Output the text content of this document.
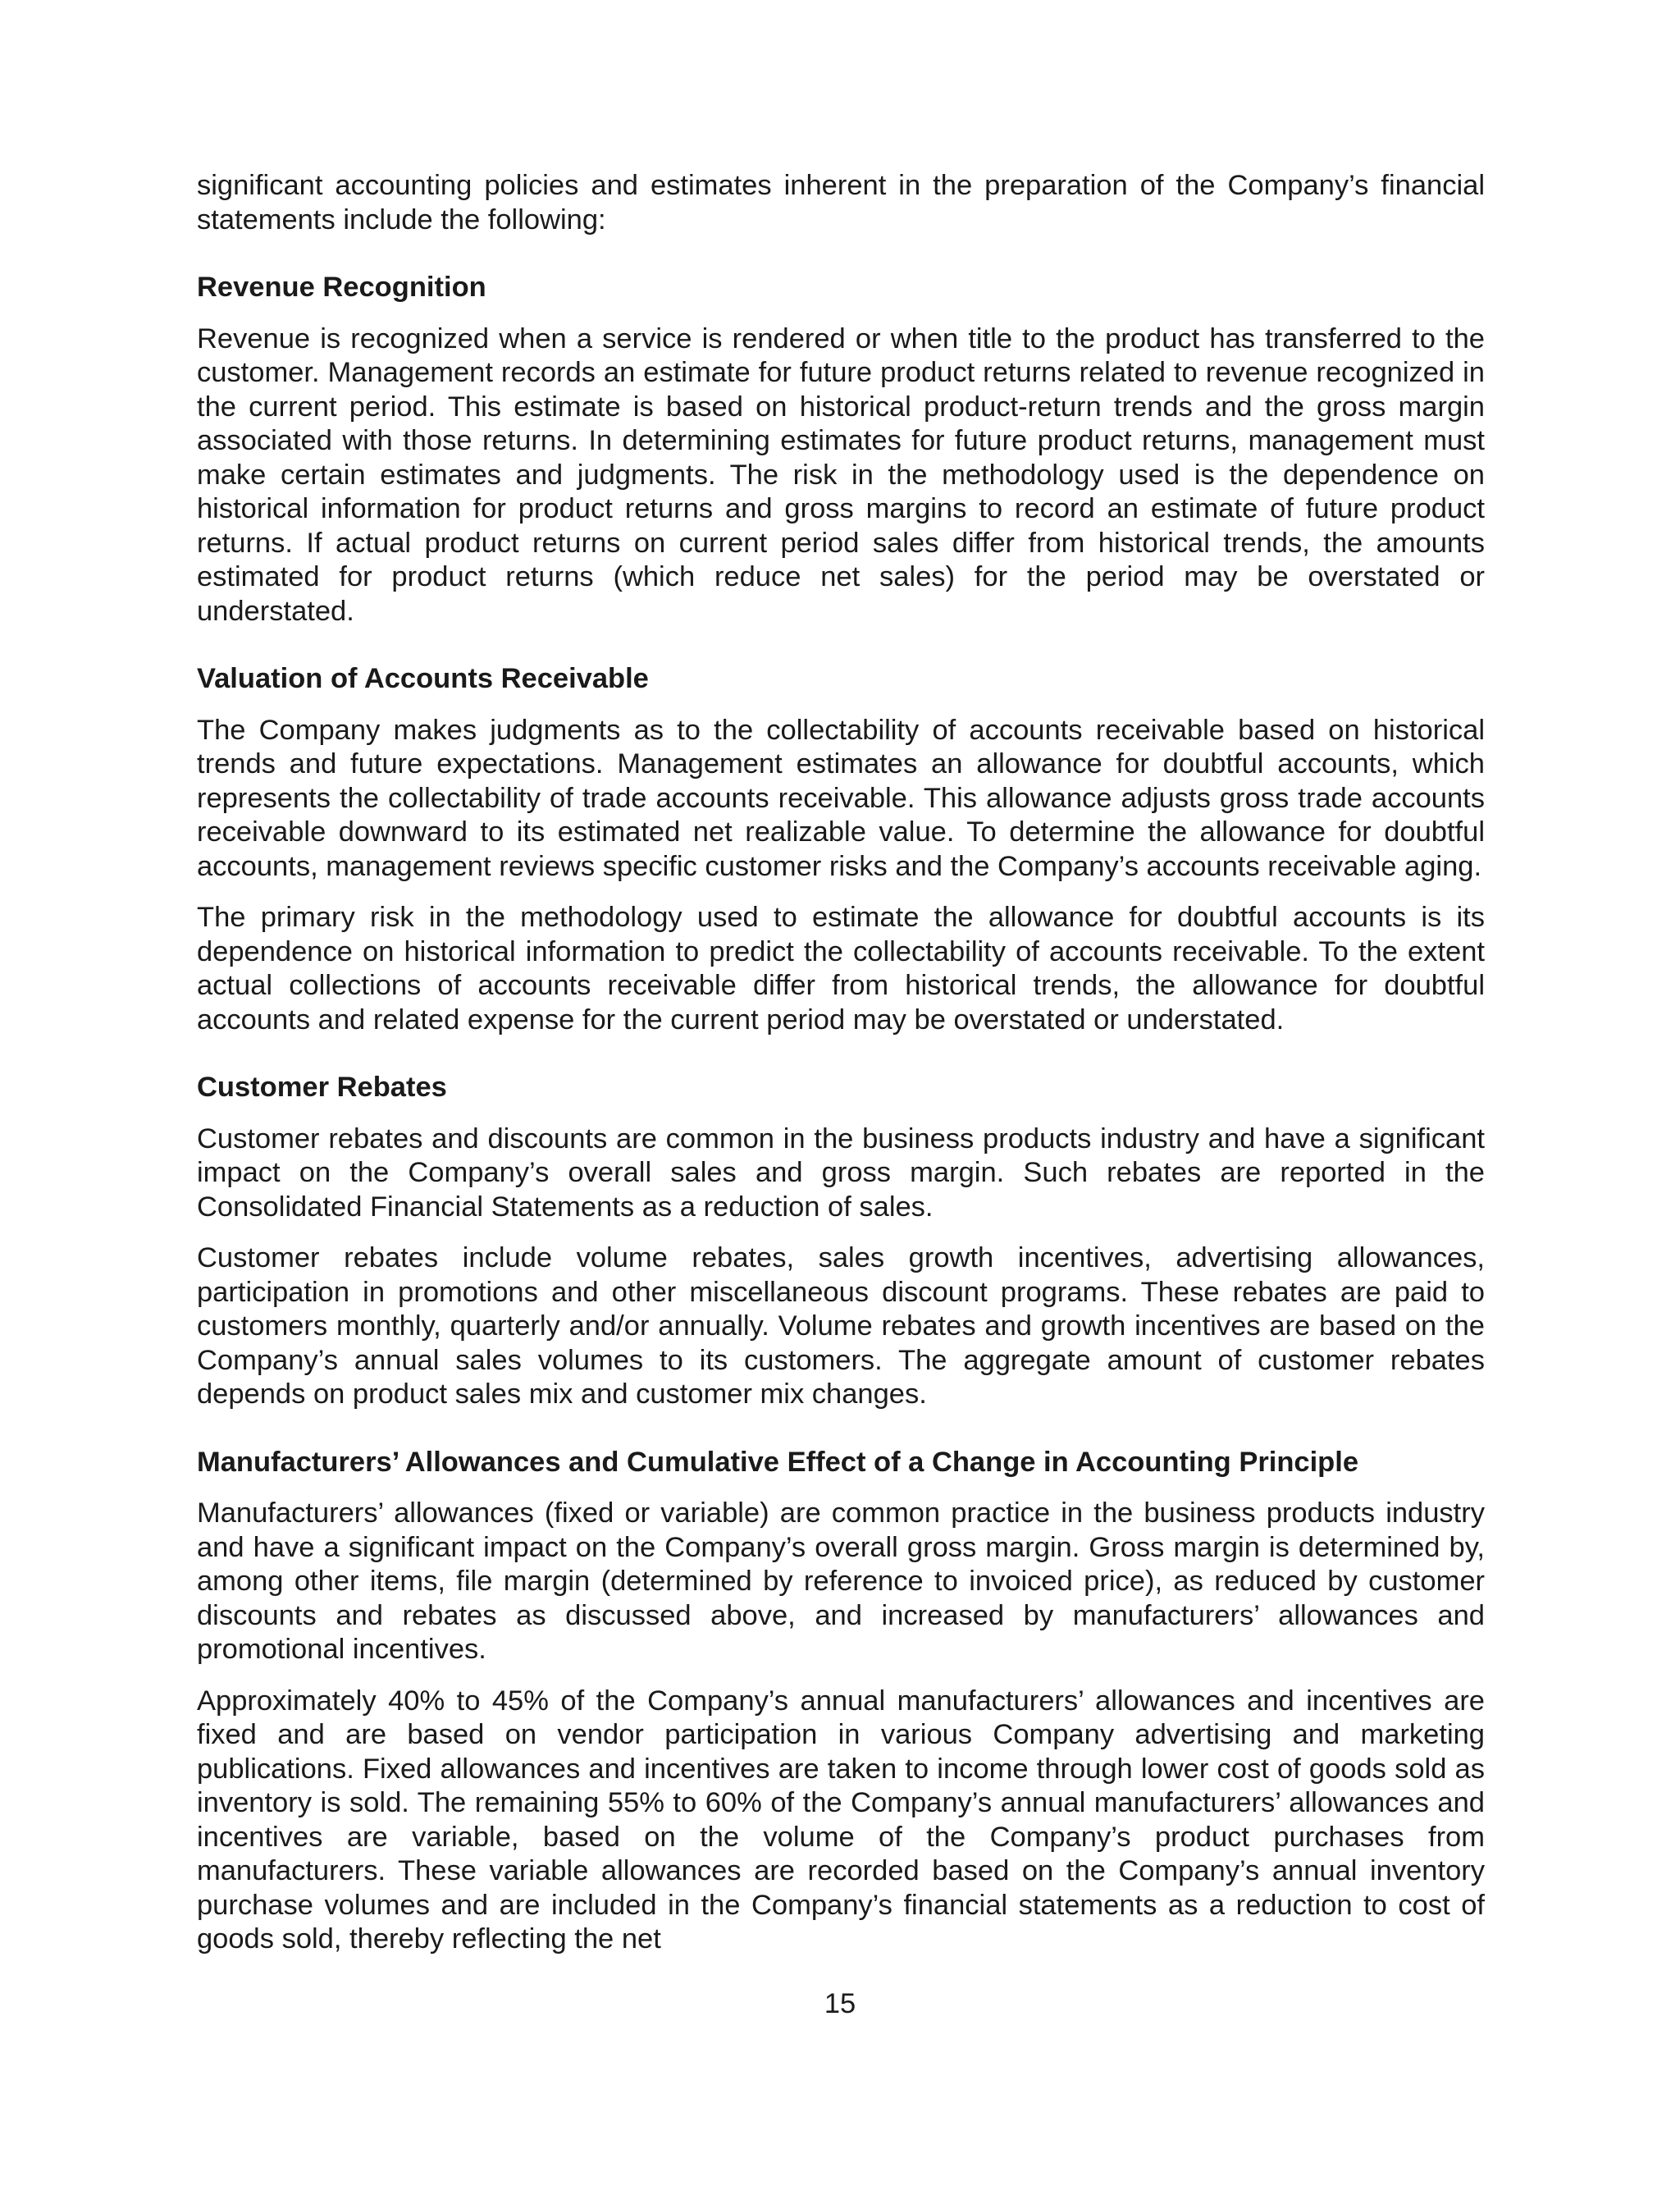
significant accounting policies and estimates inherent in the preparation of the Company’s financial statements include the following:

Revenue Recognition

Revenue is recognized when a service is rendered or when title to the product has transferred to the customer. Management records an estimate for future product returns related to revenue recognized in the current period. This estimate is based on historical product-return trends and the gross margin associated with those returns. In determining estimates for future product returns, management must make certain estimates and judgments. The risk in the methodology used is the dependence on historical information for product returns and gross margins to record an estimate of future product returns. If actual product returns on current period sales differ from historical trends, the amounts estimated for product returns (which reduce net sales) for the period may be overstated or understated.

Valuation of Accounts Receivable

The Company makes judgments as to the collectability of accounts receivable based on historical trends and future expectations. Management estimates an allowance for doubtful accounts, which represents the collectability of trade accounts receivable. This allowance adjusts gross trade accounts receivable downward to its estimated net realizable value. To determine the allowance for doubtful accounts, management reviews specific customer risks and the Company’s accounts receivable aging.

The primary risk in the methodology used to estimate the allowance for doubtful accounts is its dependence on historical information to predict the collectability of accounts receivable. To the extent actual collections of accounts receivable differ from historical trends, the allowance for doubtful accounts and related expense for the current period may be overstated or understated.

Customer Rebates

Customer rebates and discounts are common in the business products industry and have a significant impact on the Company’s overall sales and gross margin. Such rebates are reported in the Consolidated Financial Statements as a reduction of sales.

Customer rebates include volume rebates, sales growth incentives, advertising allowances, participation in promotions and other miscellaneous discount programs. These rebates are paid to customers monthly, quarterly and/or annually. Volume rebates and growth incentives are based on the Company’s annual sales volumes to its customers. The aggregate amount of customer rebates depends on product sales mix and customer mix changes.

Manufacturers’ Allowances and Cumulative Effect of a Change in Accounting Principle

Manufacturers’ allowances (fixed or variable) are common practice in the business products industry and have a significant impact on the Company’s overall gross margin. Gross margin is determined by, among other items, file margin (determined by reference to invoiced price), as reduced by customer discounts and rebates as discussed above, and increased by manufacturers’ allowances and promotional incentives.

Approximately 40% to 45% of the Company’s annual manufacturers’ allowances and incentives are fixed and are based on vendor participation in various Company advertising and marketing publications. Fixed allowances and incentives are taken to income through lower cost of goods sold as inventory is sold. The remaining 55% to 60% of the Company’s annual manufacturers’ allowances and incentives are variable, based on the volume of the Company’s product purchases from manufacturers. These variable allowances are recorded based on the Company’s annual inventory purchase volumes and are included in the Company’s financial statements as a reduction to cost of goods sold, thereby reflecting the net

15
